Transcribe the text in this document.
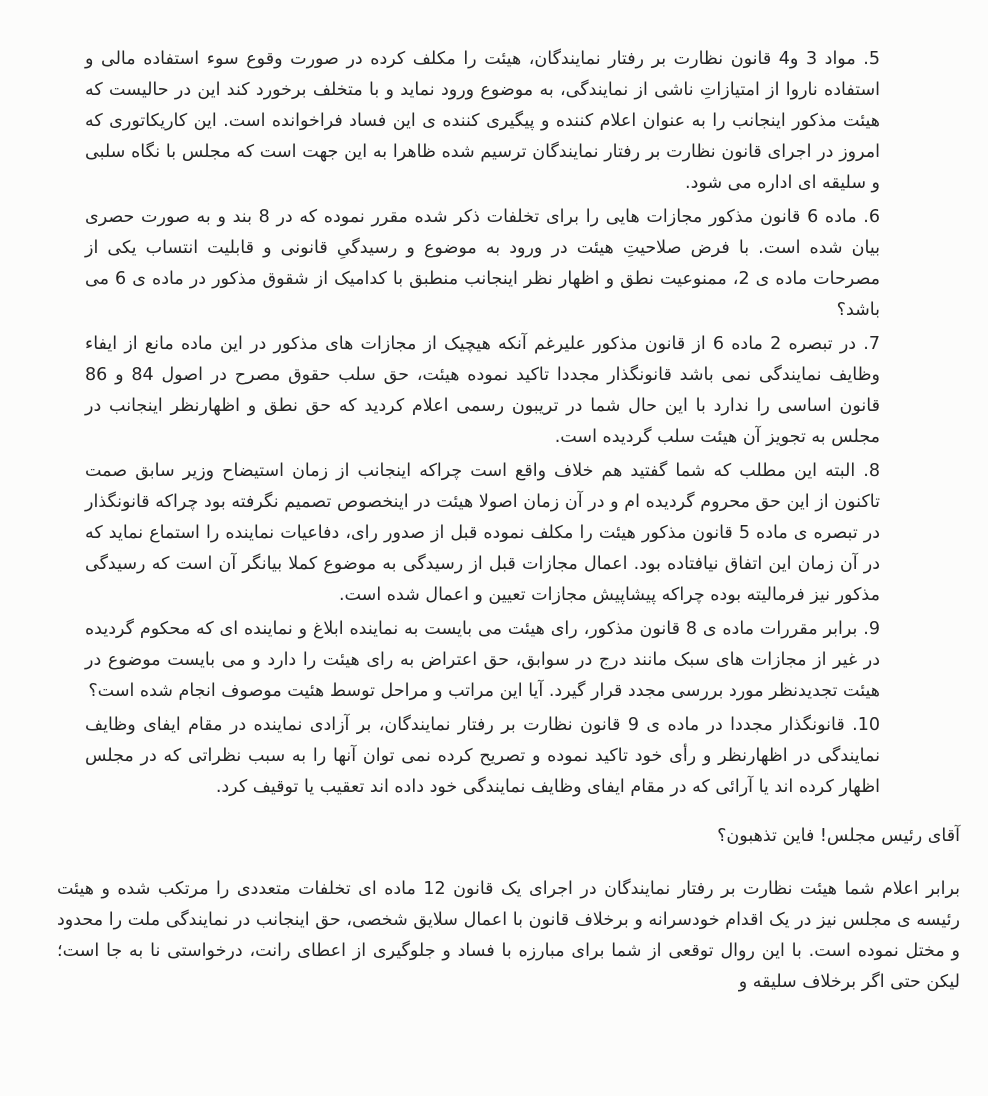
5. مواد 3 و4 قانون نظارت بر رفتار نمایندگان، هیئت را مکلف کرده در صورت وقوع سوء استفاده مالی و استفاده ناروا از امتیازاتِ ناشی از نمایندگی، به موضوع ورود نماید و با متخلف برخورد کند این در حالیست که هیئت مذکور اینجانب را به عنوان اعلام کننده و پیگیری کننده ی این فساد فراخوانده است. این کاریکاتوری که امروز در اجرای قانون نظارت بر رفتار نمایندگان ترسیم شده ظاهرا به این جهت است که مجلس با نگاه سلبی و سلیقه ای اداره می شود.

6. ماده 6 قانون مذکور مجازات هایی را برای تخلفات ذکر شده مقرر نموده که در 8 بند و به صورت حصری بیان شده است. با فرض صلاحیتِ هیئت در ورود به موضوع و رسیدگیِ قانونی و قابلیت انتساب یکی از مصرحات ماده ی 2، ممنوعیت نطق و اظهار نظر اینجانب منطبق با کدامیک از شقوق مذکور در ماده ی 6 می باشد؟

7. در تبصره 2 ماده 6 از قانون مذکور علیرغم آنکه هیچیک از مجازات های مذکور در این ماده مانع از ایفاء وظایف نمایندگی نمی باشد قانونگذار مجددا تاکید نموده هیئت، حق سلب حقوق مصرح در اصول 84 و 86 قانون اساسی را ندارد با این حال شما در تریبون رسمی اعلام کردید که حق نطق و اظهارنظر اینجانب در مجلس به تجویز آن هیئت سلب گردیده است.

8. البته این مطلب که شما گفتید هم خلاف واقع است چراکه اینجانب از زمان استیضاح وزیر سابق صمت تاکنون از این حق محروم گردیده ام و در آن زمان اصولا هیئت در اینخصوص تصمیم نگرفته بود چراکه قانونگذار در تبصره ی ماده 5 قانون مذکور هیئت را مکلف نموده قبل از صدور رای، دفاعیات نماینده را استماع نماید که در آن زمان این اتفاق نیافتاده بود. اعمال مجازات قبل از رسیدگی به موضوع کملا بیانگر آن است که رسیدگی مذکور نیز فرمالیته بوده چراکه پیشاپیش مجازات تعیین و اعمال شده است.

9. برابر مقررات ماده ی 8 قانون مذکور، رای هیئت می بایست به نماینده ابلاغ و نماینده ای که محکوم گردیده در غیر از مجازات های سبک مانند درج در سوابق، حق اعتراض به رای هیئت را دارد و می بایست موضوع در هیئت تجدیدنظر مورد بررسی مجدد قرار گیرد. آیا این مراتب و مراحل توسط هئیت موصوف انجام شده است؟

10. قانونگذار مجددا در ماده ی 9 قانون نظارت بر رفتار نمایندگان، بر آزادی نماینده در مقام ایفای وظایف نمایندگی در اظهارنظر و رأی خود تاکید نموده و تصریح کرده نمی توان آنها را به سبب نظراتی که در مجلس اظهار کرده اند یا آرائی که در مقام ایفای وظایف نمایندگی خود داده اند تعقیب یا توقیف کرد.

آقای رئیس مجلس! فاین تذهبون؟

برابر اعلام شما هیئت نظارت بر رفتار نمایندگان در اجرای یک قانون 12 ماده ای تخلفات متعددی را مرتکب شده و هیئت رئیسه ی مجلس نیز در یک اقدام خودسرانه و برخلاف قانون با اعمال سلایق شخصی، حق اینجانب در نمایندگی ملت را محدود و مختل نموده است. با این روال توقعی از شما برای مبارزه با فساد و جلوگیری از اعطای رانت، درخواستی نا به جا است؛ لیکن حتی اگر برخلاف سلیقه و
